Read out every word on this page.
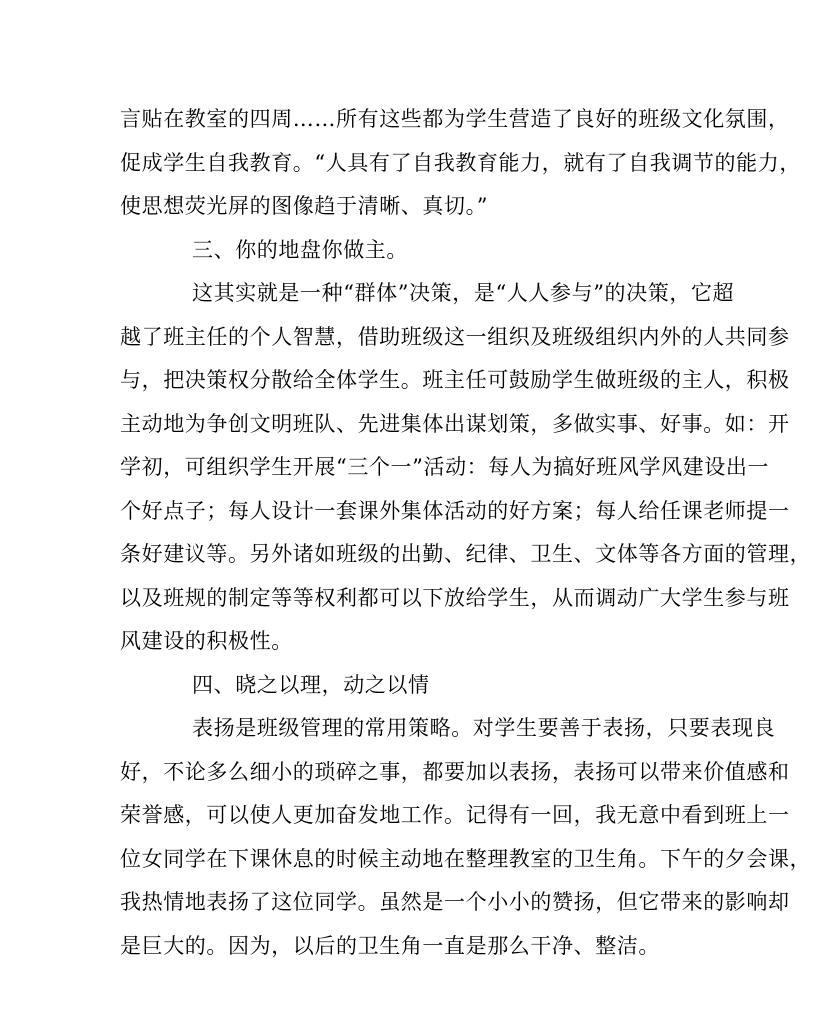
言贴在教室的四周……所有这些都为学生营造了良好的班级文化氛围，
促成学生自我教育。“人具有了自我教育能力，就有了自我调节的能力，
使思想荧光屏的图像趋于清晰、真切。”
三、你的地盘你做主。
这其实就是一种“群体”决策，是“人人参与”的决策，它超
越了班主任的个人智慧，借助班级这一组织及班级组织内外的人共同参
与，把决策权分散给全体学生。班主任可鼓励学生做班级的主人，积极
主动地为争创文明班队、先进集体出谋划策，多做实事、好事。如：开
学初，可组织学生开展“三个一”活动：每人为搞好班风学风建设出一
个好点子；每人设计一套课外集体活动的好方案；每人给任课老师提一
条好建议等。另外诸如班级的出勤、纪律、卫生、文体等各方面的管理，
以及班规的制定等等权利都可以下放给学生，从而调动广大学生参与班
风建设的积极性。
四、晓之以理，动之以情
表扬是班级管理的常用策略。对学生要善于表扬，只要表现良
好，不论多么细小的琐碎之事，都要加以表扬，表扬可以带来价值感和
荣誉感，可以使人更加奋发地工作。记得有一回，我无意中看到班上一
位女同学在下课休息的时候主动地在整理教室的卫生角。下午的夕会课，
我热情地表扬了这位同学。虽然是一个小小的赞扬，但它带来的影响却
是巨大的。因为，以后的卫生角一直是那么干净、整洁。
